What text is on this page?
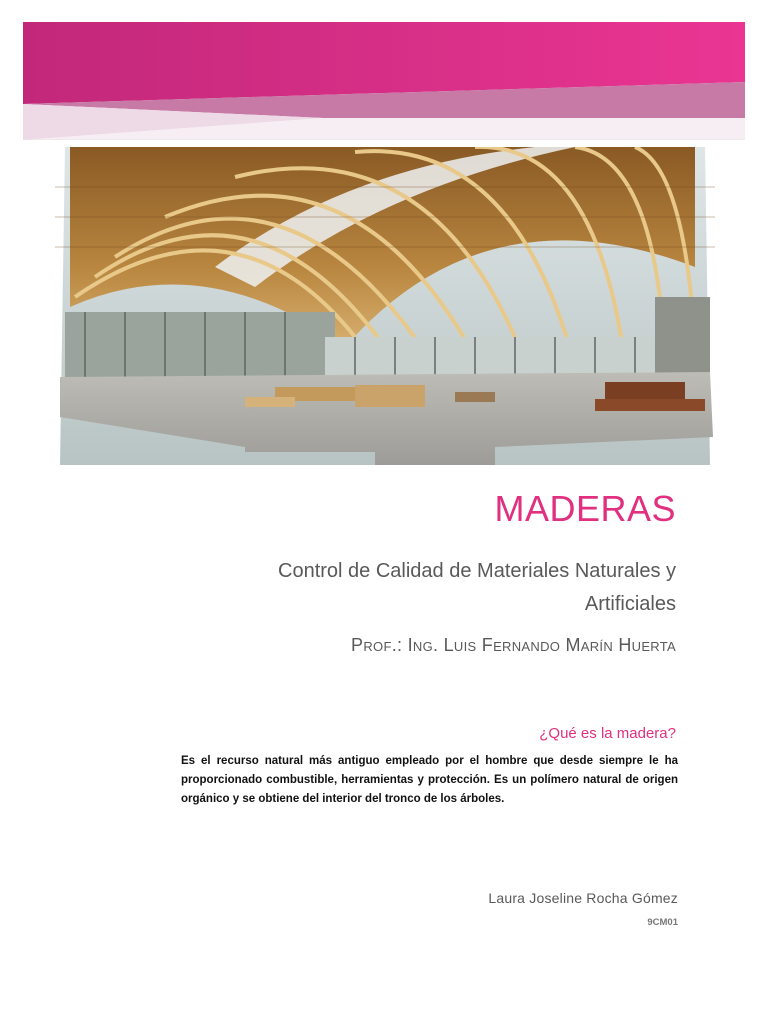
MADERAS
Control de Calidad de Materiales Naturales y Artificiales
Prof.: Ing. Luis Fernando Marín Huerta
¿Qué es la madera?
Es el recurso natural más antiguo empleado por el hombre que desde siempre le ha proporcionado combustible, herramientas y protección. Es un polímero natural de origen orgánico y se obtiene del interior del tronco de los árboles.
Laura Joseline Rocha Gómez
9CM01
